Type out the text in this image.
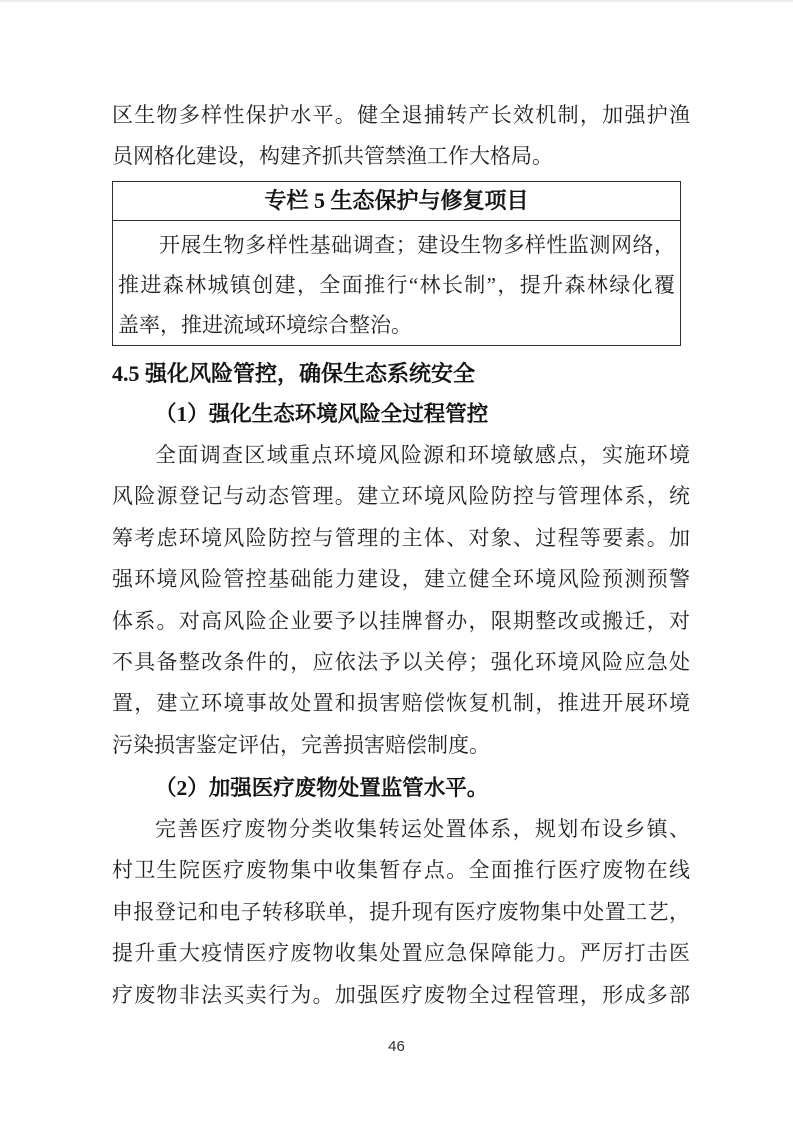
区生物多样性保护水平。健全退捕转产长效机制，加强护渔
员网格化建设，构建齐抓共管禁渔工作大格局。
专栏 5 生态保护与修复项目
开展生物多样性基础调查；建设生物多样性监测网络，
推进森林城镇创建，全面推行“林长制”，提升森林绿化覆
盖率，推进流域环境综合整治。
4.5 强化风险管控，确保生态系统安全
（1）强化生态环境风险全过程管控
全面调查区域重点环境风险源和环境敏感点，实施环境
风险源登记与动态管理。建立环境风险防控与管理体系，统
筹考虑环境风险防控与管理的主体、对象、过程等要素。加
强环境风险管控基础能力建设，建立健全环境风险预测预警
体系。对高风险企业要予以挂牌督办，限期整改或搬迁，对
不具备整改条件的，应依法予以关停；强化环境风险应急处
置，建立环境事故处置和损害赔偿恢复机制，推进开展环境
污染损害鉴定评估，完善损害赔偿制度。
（2）加强医疗废物处置监管水平。
完善医疗废物分类收集转运处置体系，规划布设乡镇、
村卫生院医疗废物集中收集暂存点。全面推行医疗废物在线
申报登记和电子转移联单，提升现有医疗废物集中处置工艺，
提升重大疫情医疗废物收集处置应急保障能力。严厉打击医
疗废物非法买卖行为。加强医疗废物全过程管理，形成多部
46
